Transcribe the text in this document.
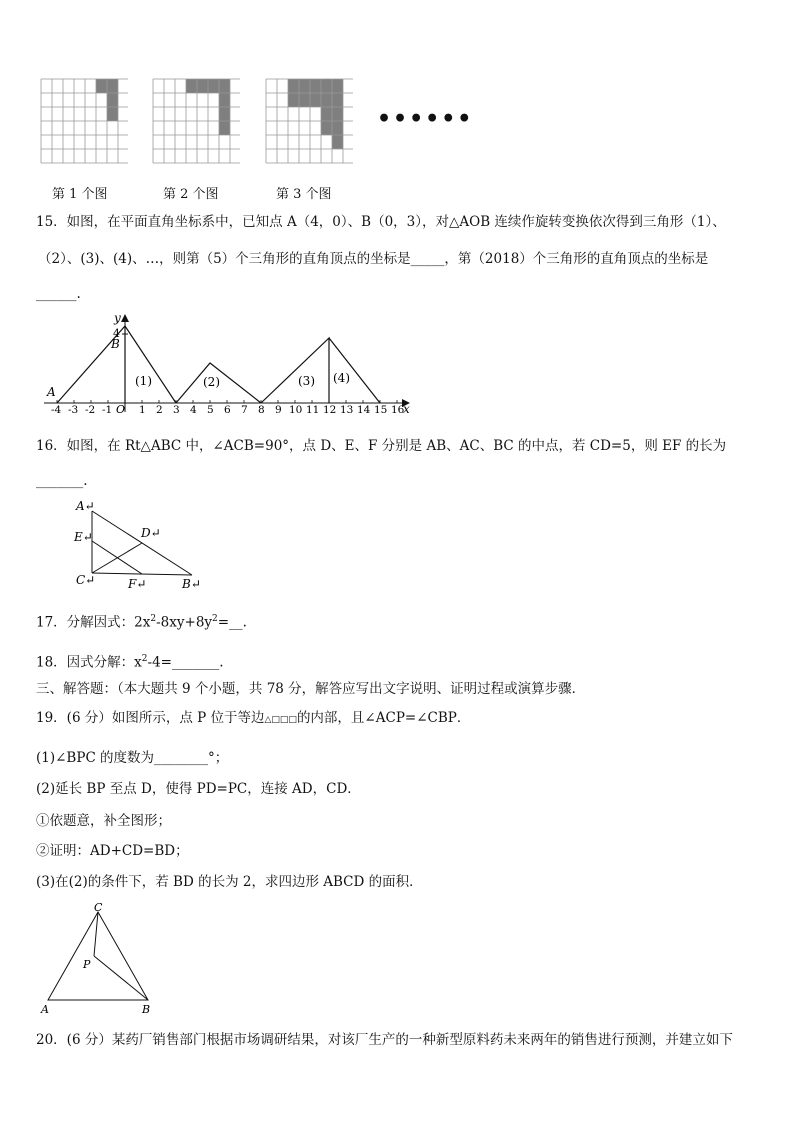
••••••
第 1 个图	第 2 个图	第 3 个图
15．如图，在平面直角坐标系中，已知点 A（4，0）、B（0，3），对△AOB 连续作旋转变换依次得到三角形（1）、
（2）、(3)、(4)、…，则第（5）个三角形的直角顶点的坐标是_____，第（2018）个三角形的直角顶点的坐标是
______.
y
4
B
A
x
O
(1)	(2)	(3) (4)
-4 -3 -2 -1	1 2 3 4 5 6 7 8 9 10 11 12 13 14 15 16
16．如图，在 Rt△ABC 中，∠ACB=90°，点 D、E、F 分别是 AB、AC、BC 的中点，若 CD=5，则 EF 的长为
_______.
A↵
D↵
E↵
C↵	F↵	B↵
17．分解因式：$2x^2-8xy+8y^2=\_\_$.
18．因式分解：$x^2-4=\_\_\_\_\_\_\_$.
三、解答题：（本大题共 9 个小题，共 78 分，解答应写出文字说明、证明过程或演算步骤．
19．(6 分）如图所示，点 P 位于等边△□□□的内部，且∠ACP=∠CBP．
(1)∠BPC 的度数为________°；
(2)延长 BP 至点 D，使得 PD=PC，连接 AD，CD．
①依题意，补全图形；
②证明：AD+CD=BD；
(3)在(2)的条件下，若 BD 的长为 2，求四边形 ABCD 的面积．
C
P
A	B
20．(6 分）某药厂销售部门根据市场调研结果，对该厂生产的一种新型原料药未来两年的销售进行预测，并建立如下
